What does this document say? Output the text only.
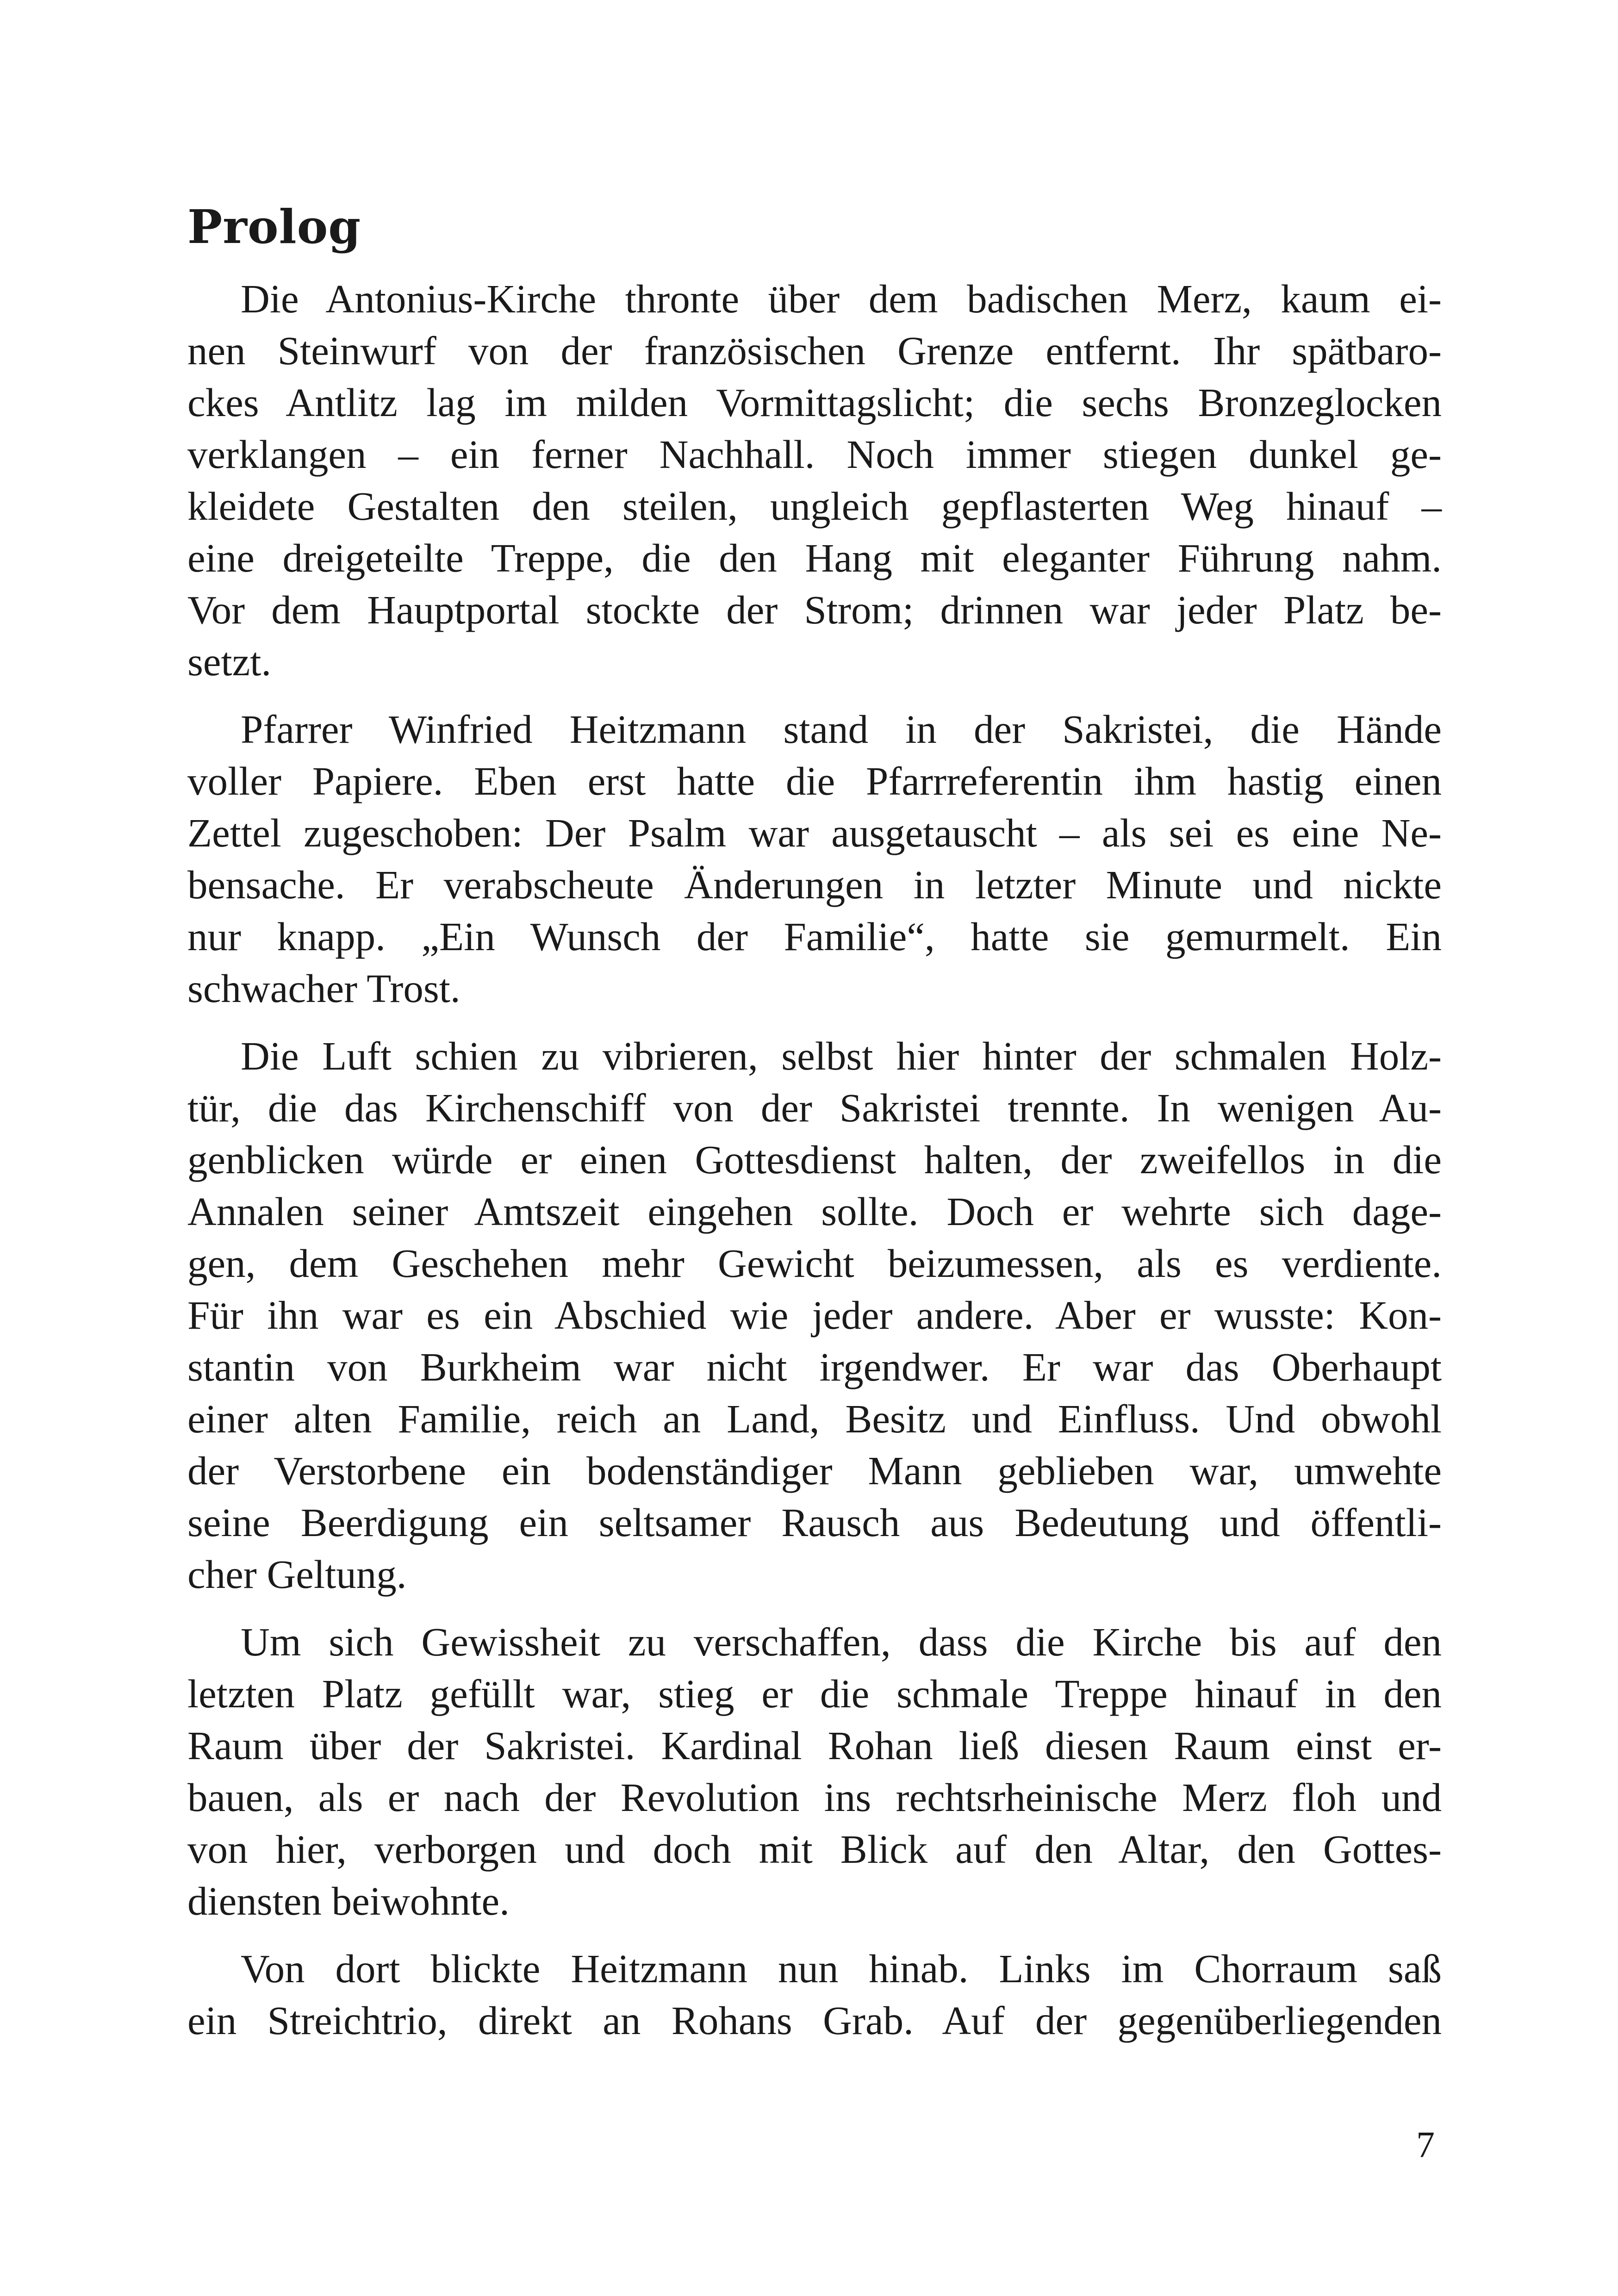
Prolog
Die Antonius-Kirche thronte über dem badischen Merz, kaum ei-
nen Steinwurf von der französischen Grenze entfernt. Ihr spätbaro-
ckes Antlitz lag im milden Vormittagslicht; die sechs Bronzeglocken
verklangen – ein ferner Nachhall. Noch immer stiegen dunkel ge-
kleidete Gestalten den steilen, ungleich gepflasterten Weg hinauf –
eine dreigeteilte Treppe, die den Hang mit eleganter Führung nahm.
Vor dem Hauptportal stockte der Strom; drinnen war jeder Platz be-
setzt.
Pfarrer Winfried Heitzmann stand in der Sakristei, die Hände
voller Papiere. Eben erst hatte die Pfarrreferentin ihm hastig einen
Zettel zugeschoben: Der Psalm war ausgetauscht – als sei es eine Ne-
bensache. Er verabscheute Änderungen in letzter Minute und nickte
nur knapp. „Ein Wunsch der Familie“, hatte sie gemurmelt. Ein
schwacher Trost.
Die Luft schien zu vibrieren, selbst hier hinter der schmalen Holz-
tür, die das Kirchenschiff von der Sakristei trennte. In wenigen Au-
genblicken würde er einen Gottesdienst halten, der zweifellos in die
Annalen seiner Amtszeit eingehen sollte. Doch er wehrte sich dage-
gen, dem Geschehen mehr Gewicht beizumessen, als es verdiente.
Für ihn war es ein Abschied wie jeder andere. Aber er wusste: Kon-
stantin von Burkheim war nicht irgendwer. Er war das Oberhaupt
einer alten Familie, reich an Land, Besitz und Einfluss. Und obwohl
der Verstorbene ein bodenständiger Mann geblieben war, umwehte
seine Beerdigung ein seltsamer Rausch aus Bedeutung und öffentli-
cher Geltung.
Um sich Gewissheit zu verschaffen, dass die Kirche bis auf den
letzten Platz gefüllt war, stieg er die schmale Treppe hinauf in den
Raum über der Sakristei. Kardinal Rohan ließ diesen Raum einst er-
bauen, als er nach der Revolution ins rechtsrheinische Merz floh und
von hier, verborgen und doch mit Blick auf den Altar, den Gottes-
diensten beiwohnte.
Von dort blickte Heitzmann nun hinab. Links im Chorraum saß
ein Streichtrio, direkt an Rohans Grab. Auf der gegenüberliegenden
7
